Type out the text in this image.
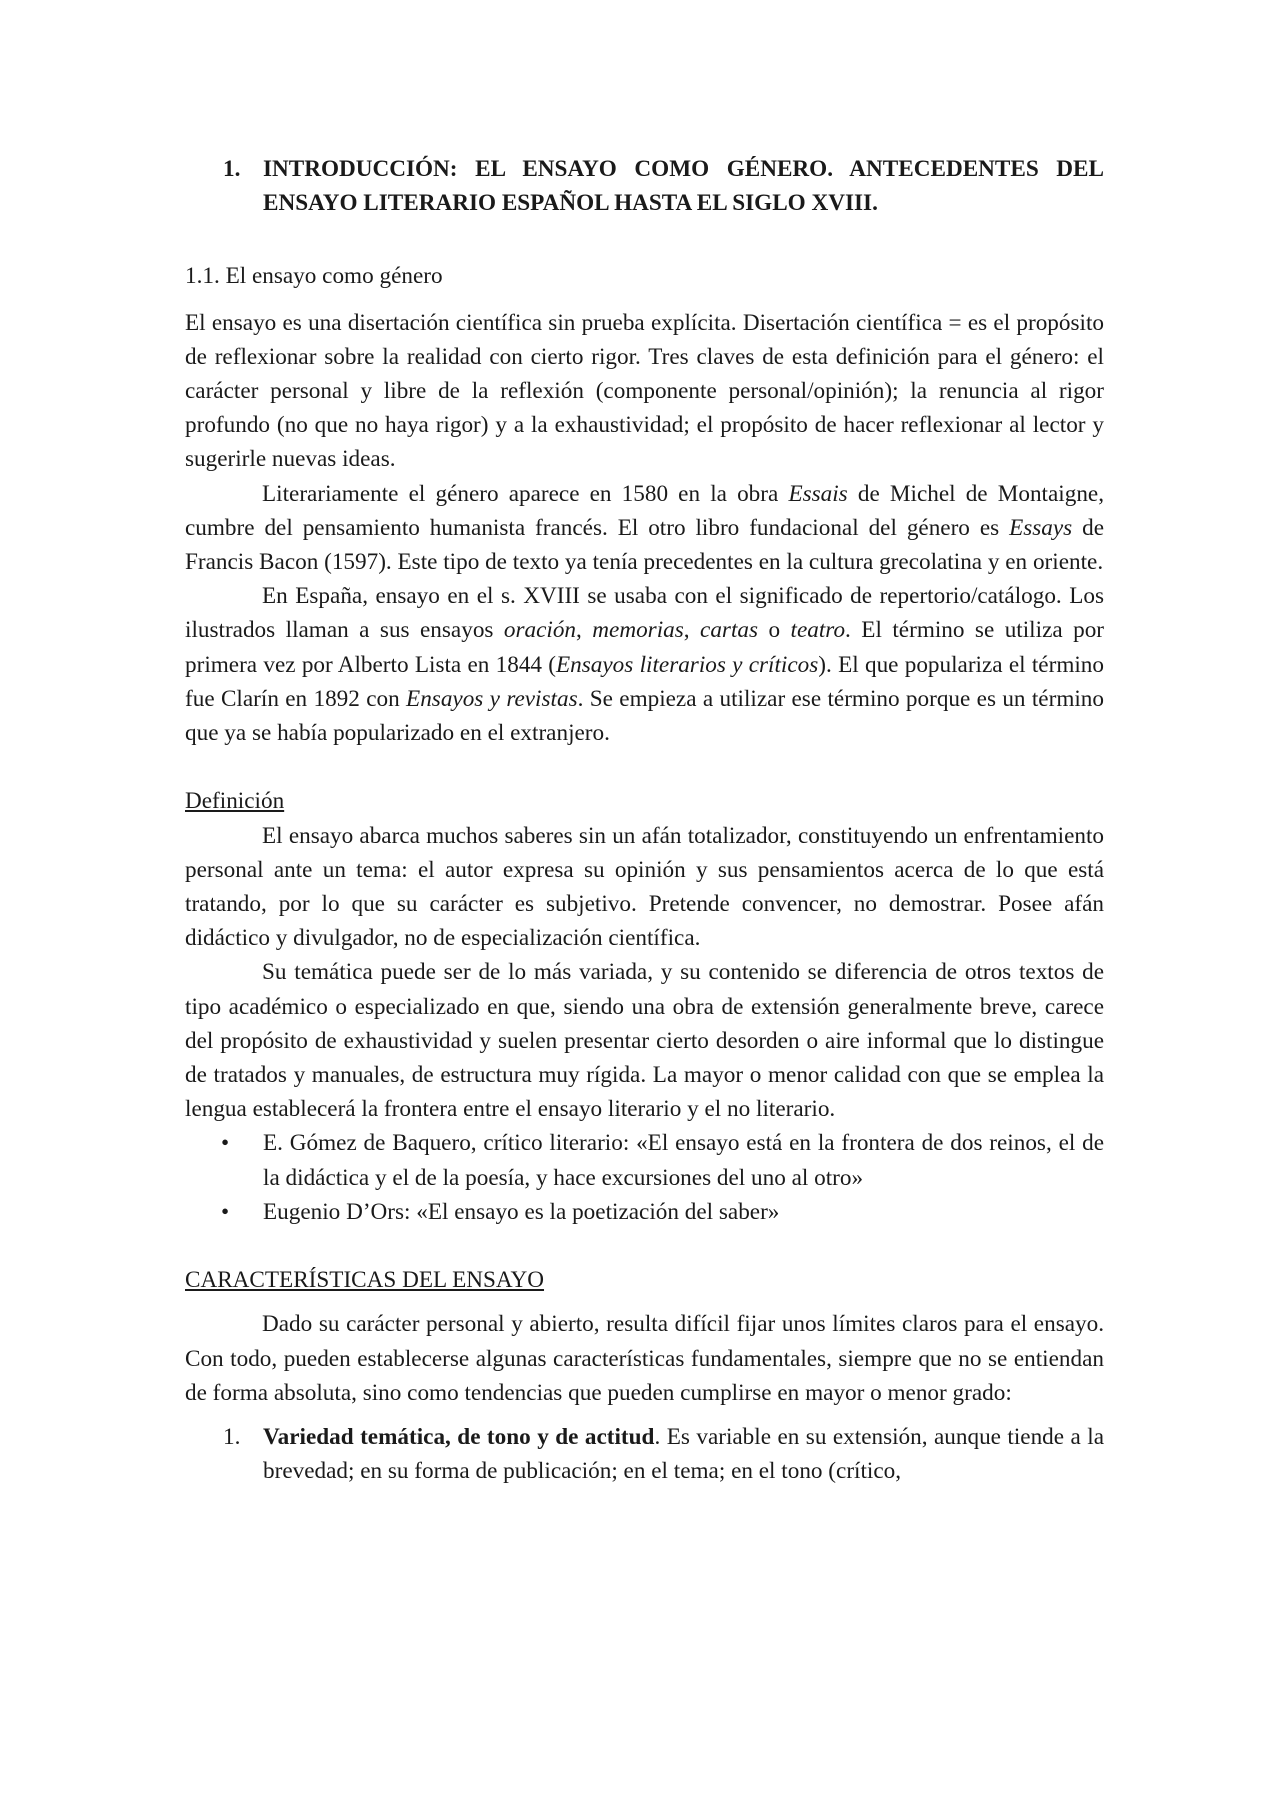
1. INTRODUCCIÓN: EL ENSAYO COMO GÉNERO. ANTECEDENTES DEL ENSAYO LITERARIO ESPAÑOL HASTA EL SIGLO XVIII.

1.1. El ensayo como género

El ensayo es una disertación científica sin prueba explícita. Disertación científica = es el propósito de reflexionar sobre la realidad con cierto rigor. Tres claves de esta definición para el género: el carácter personal y libre de la reflexión (componente personal/opinión); la renuncia al rigor profundo (no que no haya rigor) y a la exhaustividad; el propósito de hacer reflexionar al lector y sugerirle nuevas ideas.

Literariamente el género aparece en 1580 en la obra Essais de Michel de Montaigne, cumbre del pensamiento humanista francés. El otro libro fundacional del género es Essays de Francis Bacon (1597). Este tipo de texto ya tenía precedentes en la cultura grecolatina y en oriente.

En España, ensayo en el s. XVIII se usaba con el significado de repertorio/catálogo. Los ilustrados llaman a sus ensayos oración, memorias, cartas o teatro. El término se utiliza por primera vez por Alberto Lista en 1844 (Ensayos literarios y críticos). El que populariza el término fue Clarín en 1892 con Ensayos y revistas. Se empieza a utilizar ese término porque es un término que ya se había popularizado en el extranjero.

Definición

El ensayo abarca muchos saberes sin un afán totalizador, constituyendo un enfrentamiento personal ante un tema: el autor expresa su opinión y sus pensamientos acerca de lo que está tratando, por lo que su carácter es subjetivo. Pretende convencer, no demostrar. Posee afán didáctico y divulgador, no de especialización científica.

Su temática puede ser de lo más variada, y su contenido se diferencia de otros textos de tipo académico o especializado en que, siendo una obra de extensión generalmente breve, carece del propósito de exhaustividad y suelen presentar cierto desorden o aire informal que lo distingue de tratados y manuales, de estructura muy rígida. La mayor o menor calidad con que se emplea la lengua establecerá la frontera entre el ensayo literario y el no literario.

•	E. Gómez de Baquero, crítico literario: «El ensayo está en la frontera de dos reinos, el de la didáctica y el de la poesía, y hace excursiones del uno al otro»
•	Eugenio D’Ors: «El ensayo es la poetización del saber»

CARACTERÍSTICAS DEL ENSAYO

Dado su carácter personal y abierto, resulta difícil fijar unos límites claros para el ensayo. Con todo, pueden establecerse algunas características fundamentales, siempre que no se entiendan de forma absoluta, sino como tendencias que pueden cumplirse en mayor o menor grado:

1. Variedad temática, de tono y de actitud. Es variable en su extensión, aunque tiende a la brevedad; en su forma de publicación; en el tema; en el tono (crítico,
